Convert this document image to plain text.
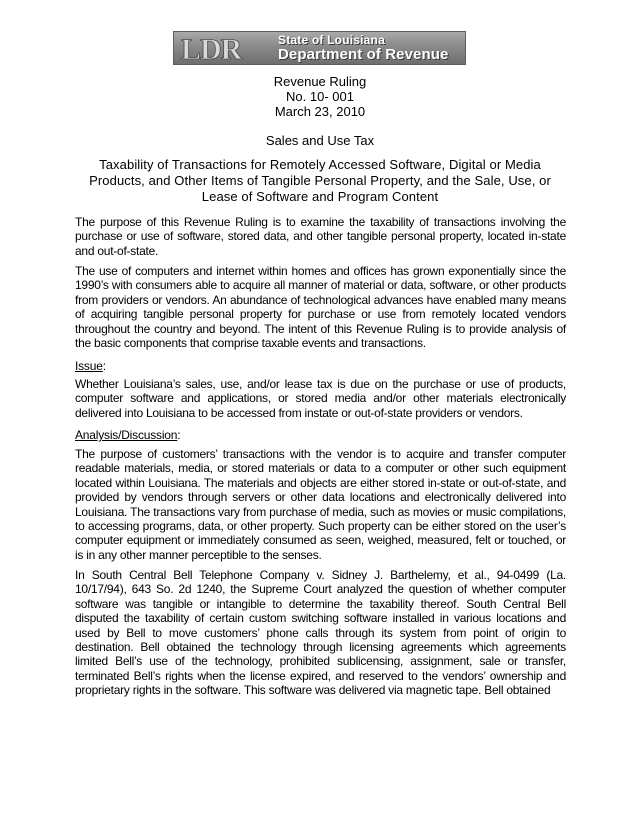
LDR	State of Louisiana
Department of Revenue
Revenue Ruling
No. 10- 001
March 23, 2010
Sales and Use Tax
Taxability of Transactions for Remotely Accessed Software, Digital or Media
Products, and Other Items of Tangible Personal Property, and the Sale, Use, or
Lease of Software and Program Content

The purpose of this Revenue Ruling is to examine the taxability of transactions involving the purchase or use of software, stored data, and other tangible personal property, located in-state and out-of-state.

The use of computers and internet within homes and offices has grown exponentially since the 1990’s with consumers able to acquire all manner of material or data, software, or other products from providers or vendors. An abundance of technological advances have enabled many means of acquiring tangible personal property for purchase or use from remotely located vendors throughout the country and beyond. The intent of this Revenue Ruling is to provide analysis of the basic components that comprise taxable events and transactions.

Issue:

Whether Louisiana’s sales, use, and/or lease tax is due on the purchase or use of products, computer software and applications, or stored media and/or other materials electronically delivered into Louisiana to be accessed from instate or out-of-state providers or vendors.

Analysis/Discussion:

The purpose of customers’ transactions with the vendor is to acquire and transfer computer readable materials, media, or stored materials or data to a computer or other such equipment located within Louisiana. The materials and objects are either stored in-state or out-of-state, and provided by vendors through servers or other data locations and electronically delivered into Louisiana. The transactions vary from purchase of media, such as movies or music compilations, to accessing programs, data, or other property. Such property can be either stored on the user’s computer equipment or immediately consumed as seen, weighed, measured, felt or touched, or is in any other manner perceptible to the senses.

In South Central Bell Telephone Company v. Sidney J. Barthelemy, et al., 94-0499 (La. 10/17/94), 643 So. 2d 1240, the Supreme Court analyzed the question of whether computer software was tangible or intangible to determine the taxability thereof. South Central Bell disputed the taxability of certain custom switching software installed in various locations and used by Bell to move customers’ phone calls through its system from point of origin to destination. Bell obtained the technology through licensing agreements which agreements limited Bell’s use of the technology, prohibited sublicensing, assignment, sale or transfer, terminated Bell’s rights when the license expired, and reserved to the vendors’ ownership and proprietary rights in the software. This software was delivered via magnetic tape. Bell obtained
